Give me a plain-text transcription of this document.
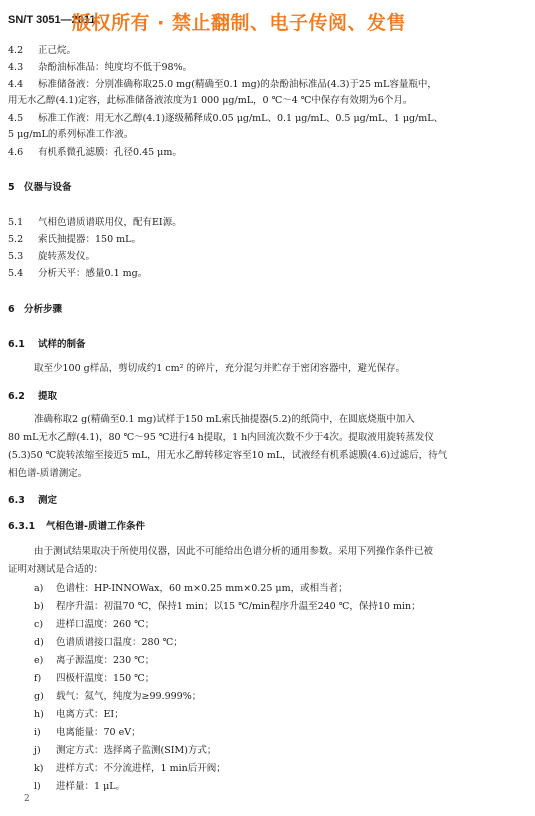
SN/T 3051—2011
版权所有 · 禁止翻制、电子传阅、发售
4.2 正己烷。
4.3 杂酚油标准品：纯度均不低于98%。
4.4 标准储备液：分别准确称取25.0 mg(精确至0.1 mg)的杂酚油标准品(4.3)于25 mL容量瓶中，
用无水乙醇(4.1)定容，此标准储备液浓度为1 000 μg/mL，0 ℃～4 ℃中保存有效期为6个月。
4.5 标准工作液：用无水乙醇(4.1)逐级稀释成0.05 μg/mL、0.1 μg/mL、0.5 μg/mL、1 μg/mL、
5 μg/mL的系列标准工作液。
4.6 有机系微孔滤膜：孔径0.45 μm。
5 仪器与设备
5.1 气相色谱质谱联用仪，配有EI源。
5.2 索氏抽提器：150 mL。
5.3 旋转蒸发仪。
5.4 分析天平：感量0.1 mg。
6 分析步骤
6.1 试样的制备
取至少100 g样品，剪切成约1 cm² 的碎片，充分混匀并贮存于密闭容器中，避光保存。
6.2 提取
准确称取2 g(精确至0.1 mg)试样于150 mL索氏抽提器(5.2)的纸筒中，在圆底烧瓶中加入
80 mL无水乙醇(4.1)，80 ℃～95 ℃进行4 h提取，1 h内回流次数不少于4次。提取液用旋转蒸发仪
(5.3)50 ℃旋转浓缩至接近5 mL，用无水乙醇转移定容至10 mL，试液经有机系滤膜(4.6)过滤后，待气
相色谱-质谱测定。
6.3 测定
6.3.1 气相色谱-质谱工作条件
由于测试结果取决于所使用仪器，因此不可能给出色谱分析的通用参数。采用下列操作条件已被
证明对测试是合适的：
a) 色谱柱：HP-INNOWax，60 m×0.25 mm×0.25 μm，或相当者；
b) 程序升温：初温70 ℃，保持1 min；以15 ℃/min程序升温至240 ℃，保持10 min；
c) 进样口温度：260 ℃；
d) 色谱质谱接口温度：280 ℃；
e) 离子源温度：230 ℃；
f) 四极杆温度：150 ℃；
g) 载气：氦气，纯度为≥99.999%；
h) 电离方式：EI；
i) 电离能量：70 eV；
j) 测定方式：选择离子监测(SIM)方式；
k) 进样方式：不分流进样，1 min后开阀；
l) 进样量：1 μL。
2
